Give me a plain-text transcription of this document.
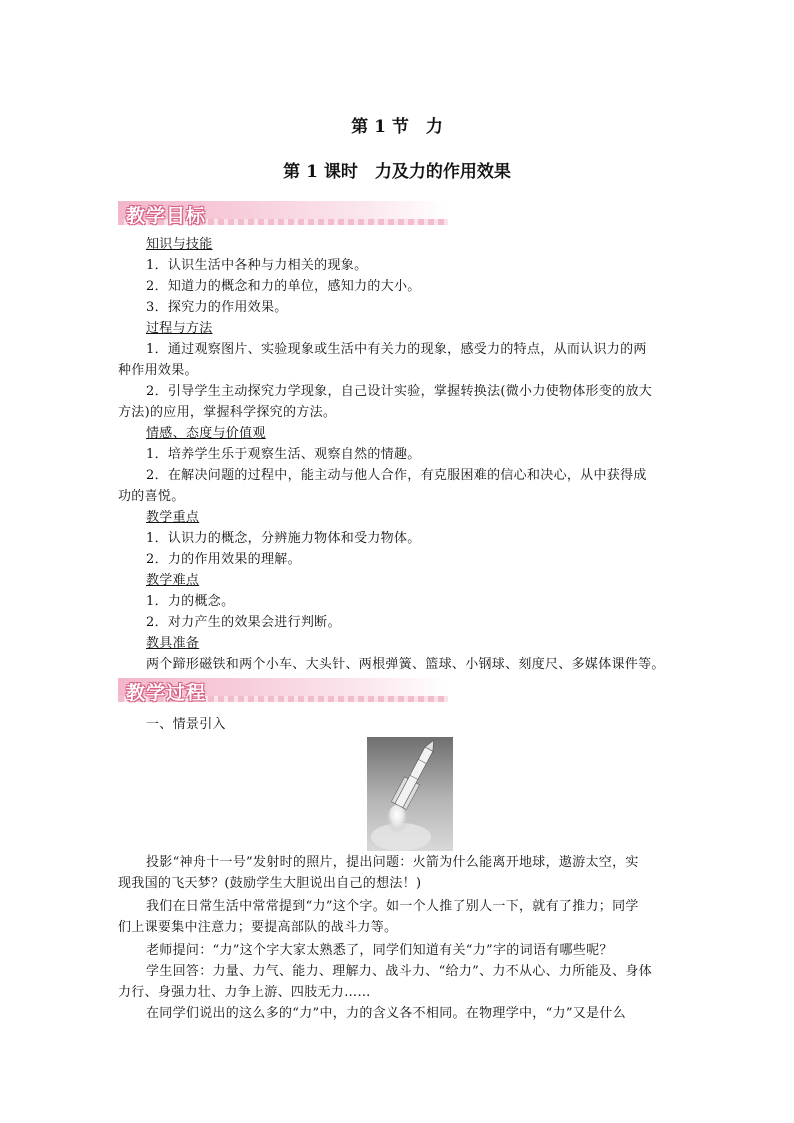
第 1 节　力
第 1 课时　力及力的作用效果
教学目标
知识与技能
1．认识生活中各种与力相关的现象。
2．知道力的概念和力的单位，感知力的大小。
3．探究力的作用效果。
过程与方法
1．通过观察图片、实验现象或生活中有关力的现象，感受力的特点，从而认识力的两
种作用效果。
2．引导学生主动探究力学现象，自己设计实验，掌握转换法(微小力使物体形变的放大
方法)的应用，掌握科学探究的方法。
情感、态度与价值观
1．培养学生乐于观察生活、观察自然的情趣。
2．在解决问题的过程中，能主动与他人合作，有克服困难的信心和决心，从中获得成
功的喜悦。
教学重点
1．认识力的概念，分辨施力物体和受力物体。
2．力的作用效果的理解。
教学难点
1．力的概念。
2．对力产生的效果会进行判断。
教具准备
两个蹄形磁铁和两个小车、大头针、两根弹簧、篮球、小钢球、刻度尺、多媒体课件等。
教学过程
一、情景引入
投影“神舟十一号”发射时的照片，提出问题：火箭为什么能离开地球，遨游太空，实
现我国的飞天梦？(鼓励学生大胆说出自己的想法！)
我们在日常生活中常常提到“力”这个字。如一个人推了别人一下，就有了推力；同学
们上课要集中注意力；要提高部队的战斗力等。
老师提问：“力”这个字大家太熟悉了，同学们知道有关“力”字的词语有哪些呢？
学生回答：力量、力气、能力、理解力、战斗力、“给力”、力不从心、力所能及、身体
力行、身强力壮、力争上游、四肢无力……
在同学们说出的这么多的“力”中，力的含义各不相同。在物理学中，“力”又是什么
